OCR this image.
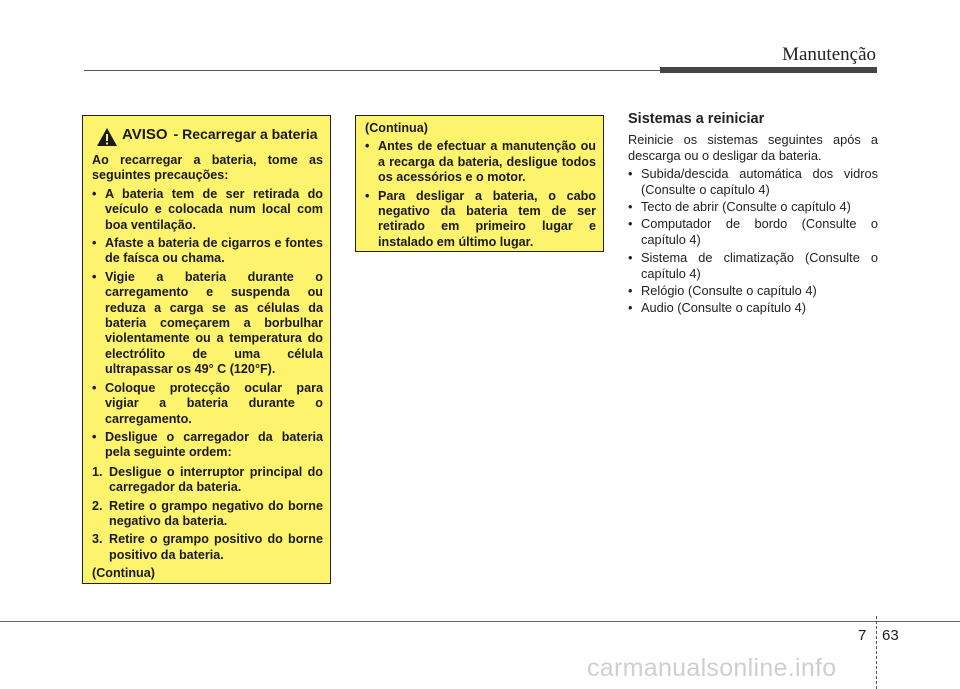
Manutenção
AVISO - Recarregar a bateria

Ao recarregar a bateria, tome as seguintes precauções:

• A bateria tem de ser retirada do veículo e colocada num local com boa ventilação.
• Afaste a bateria de cigarros e fontes de faísca ou chama.
• Vigie a bateria durante o carregamento e suspenda ou reduza a carga se as células da bateria começarem a borbulhar violentamente ou a temperatura do electrólito de uma célula ultrapassar os 49° C (120°F).
• Coloque protecção ocular para vigiar a bateria durante o carregamento.
• Desligue o carregador da bateria pela seguinte ordem:
1. Desligue o interruptor principal do carregador da bateria.
2. Retire o grampo negativo do borne negativo da bateria.
3. Retire o grampo positivo do borne positivo da bateria.

(Continua)

(Continua)

• Antes de efectuar a manutenção ou a recarga da bateria, desligue todos os acessórios e o motor.
• Para desligar a bateria, o cabo negativo da bateria tem de ser retirado em primeiro lugar e instalado em último lugar.
Sistemas a reiniciar

Reinicie os sistemas seguintes após a descarga ou o desligar da bateria.

• Subida/descida automática dos vidros (Consulte o capítulo 4)
• Tecto de abrir (Consulte o capítulo 4)
• Computador de bordo (Consulte o capítulo 4)
• Sistema de climatização (Consulte o capítulo 4)
• Relógio (Consulte o capítulo 4)
• Audio (Consulte o capítulo 4)
7 63
carmanualsonline.info
